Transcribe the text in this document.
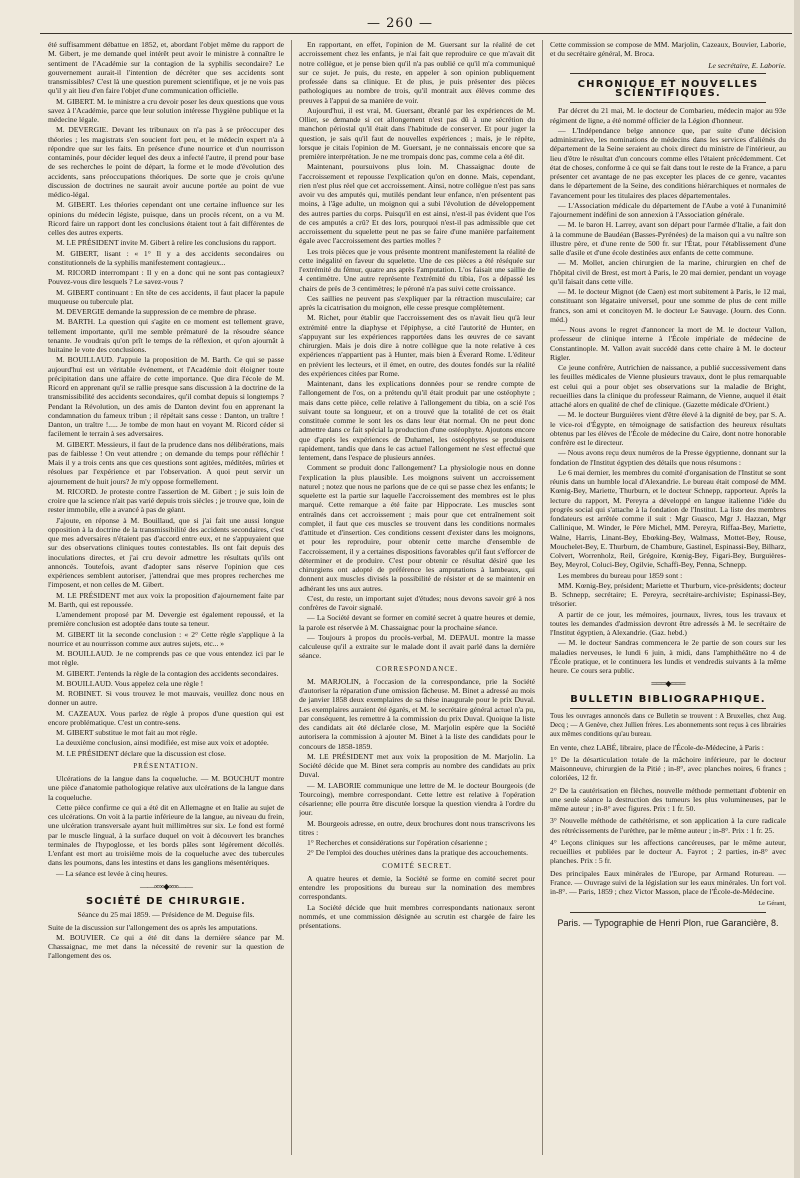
— 260 —

été suffisamment débattue en 1852, et, abordant l'objet même du rapport de M. Gibert, je me demande quel intérêt peut avoir le ministre à connaître le sentiment de l'Académie sur la contagion de la syphilis secondaire? Le gouvernement aurait-il l'intention de décréter que ses accidents sont transmissibles? C'est là une question purement scientifique, et je ne vois pas qu'il y ait lieu d'en faire l'objet d'une communication officielle.

M. GIBERT. M. le ministre a cru devoir poser les deux questions que vous savez à l'Académie, parce que leur solution intéresse l'hygiène publique et la médecine légale.

M. DEVERGIE. Devant les tribunaux on n'a pas à se préoccuper des théories ; les magistrats s'en soucient fort peu, et le médecin expert n'a à répondre que sur les faits. En présence d'une nourrice et d'un nourrisson contaminés, pour décider lequel des deux a infecté l'autre, il prend pour base de ses recherches le point de départ, la forme et le mode d'évolution des accidents, sans préoccupations théoriques. De sorte que je crois qu'une discussion de doctrines ne saurait avoir aucune portée au point de vue médico-légal.

M. GIBERT. Les théories cependant ont une certaine influence sur les opinions du médecin légiste, puisque, dans un procès récent, on a vu M. Ricord faire un rapport dont les conclusions étaient tout à fait différentes de celles des autres experts.

M. LE PRÉSIDENT invite M. Gibert à relire les conclusions du rapport.

M. GIBERT, lisant : « 1° Il y a des accidents secondaires ou constitutionnels de la syphilis manifestement contagieux...

M. RICORD interrompant : Il y en a donc qui ne sont pas contagieux? Pouvez-vous dire lesquels ? Le savez-vous ?

M. GIBERT continuant : En tête de ces accidents, il faut placer la papule muqueuse ou tubercule plat.

M. DEVERGIE demande la suppression de ce membre de phrase.

M. BARTH. La question qui s'agite en ce moment est tellement grave, tellement importante, qu'il me semble prématuré de la résoudre séance tenante. Je voudrais qu'on prît le temps de la réflexion, et qu'on ajournât à huitaine le vote des conclusions.

M. BOUILLAUD. J'appuie la proposition de M. Barth. Ce qui se passe aujourd'hui est un véritable événement, et l'Académie doit éloigner toute précipitation dans une affaire de cette importance. Que dira l'école de M. Ricord en apprenant qu'il se rallie presque sans discussion à la doctrine de la transmissibilité des accidents secondaires, qu'il combat depuis si longtemps ? Pendant la Révolution, un des amis de Danton devint fou en apprenant la condamnation du fameux tribun ; il répétait sans cesse : Danton, un traître ! Danton, un traître !..... Je tombe de mon haut en voyant M. Ricord céder si facilement le terrain à ses adversaires.

M. GIBERT. Messieurs, il faut de la prudence dans nos délibérations, mais pas de faiblesse ! On veut attendre ; on demande du temps pour réfléchir ! Mais il y a trois cents ans que ces questions sont agitées, méditées, mûries et résolues par l'expérience et par l'observation. A quoi peut servir un ajournement de huit jours? Je m'y oppose formellement.

M. RICORD. Je proteste contre l'assertion de M. Gibert ; je suis loin de croire que la science n'ait pas varié depuis trois siècles ; je trouve que, loin de rester immobile, elle a avancé à pas de géant.

J'ajoute, en réponse à M. Bouillaud, que si j'ai fait une aussi longue opposition à la doctrine de la transmissibilité des accidents secondaires, c'est que mes adversaires n'étaient pas d'accord entre eux, et ne s'appuyaient que sur des observations cliniques toutes contestables. Ils ont fait depuis des inoculations directes, et j'ai cru devoir admettre les résultats qu'ils ont annoncés. Toutefois, avant d'adopter sans réserve l'opinion que ces expériences semblent autoriser, j'attendrai que mes propres recherches me l'imposent, et non celles de M. Gibert.

M. LE PRÉSIDENT met aux voix la proposition d'ajournement faite par M. Barth, qui est repoussée.

L'amendement proposé par M. Devergie est également repoussé, et la première conclusion est adoptée dans toute sa teneur.

M. GIBERT lit la seconde conclusion : « 2° Cette règle s'applique à la nourrice et au nourrisson comme aux autres sujets, etc... »

M. BOUILLAUD. Je ne comprends pas ce que vous entendez ici par le mot règle.

M. GIBERT. J'entends la règle de la contagion des accidents secondaires.

M. BOUILLAUD. Vous appelez cela une règle !

M. ROBINET. Si vous trouvez le mot mauvais, veuillez donc nous en donner un autre.

M. CAZEAUX. Vous parlez de règle à propos d'une question qui est encore problématique. C'est un contre-sens.

M. GIBERT substitue le mot fait au mot règle.

La deuxième conclusion, ainsi modifiée, est mise aux voix et adoptée.

M. LE PRÉSIDENT déclare que la discussion est close.

PRÉSENTATION.

Ulcérations de la langue dans la coqueluche. — M. BOUCHUT montre une pièce d'anatomie pathologique relative aux ulcérations de la langue dans la coqueluche.

Cette pièce confirme ce qui a été dit en Allemagne et en Italie au sujet de ces ulcérations. On voit à la partie inférieure de la langue, au niveau du frein, une ulcération transversale ayant huit millimètres sur six. Le fond est formé par le muscle lingual, à la surface duquel on voit à découvert les branches terminales de l'hypoglosse, et les bords pâles sont légèrement décollés. L'enfant est mort au troisième mois de la coqueluche avec des tubercules dans les poumons, dans les intestins et dans les ganglions mésentériques.

— La séance est levée à cinq heures.

——∞∞◆∞∞——
SOCIÉTÉ DE CHIRURGIE.
Séance du 25 mai 1859. — Présidence de M. Deguise fils.

Suite de la discussion sur l'allongement des os après les amputations.

M. BOUVIER. Ce qui a été dit dans la dernière séance par M. Chassaignac, me met dans la nécessité de revenir sur la question de l'allongement des os.

En rapportant, en effet, l'opinion de M. Guersant sur la réalité de cet accroissement chez les enfants, je n'ai fait que reproduire ce que m'avait dit notre collègue, et je pense bien qu'il n'a pas oublié ce qu'il m'a communiqué sur ce sujet. Je puis, du reste, en appeler à son opinion publiquement professée dans sa clinique. Et de plus, je puis présenter des pièces pathologiques au nombre de trois, qu'il montrait aux élèves comme des preuves à l'appui de sa manière de voir.

Aujourd'hui, il est vrai, M. Guersant, ébranlé par les expériences de M. Ollier, se demande si cet allongement n'est pas dû à une sécrétion du manchon périostal qu'il était dans l'habitude de conserver. Et pour juger la question, je sais qu'il faut de nouvelles expériences ; mais, je le répète, lorsque je citais l'opinion de M. Guersant, je ne connaissais encore que sa première interprétation. Je ne me trompais donc pas, comme cela a été dit.

Maintenant, poursuivons plus loin. M. Chassaignac doute de l'accroissement et repousse l'explication qu'on en donne. Mais, cependant, rien n'est plus réel que cet accroissement. Ainsi, notre collègue n'est pas sans avoir vu des amputés qui, mutilés pendant leur enfance, n'en présentent pas moins, à l'âge adulte, un moignon qui a subi l'évolution de développement des autres parties du corps. Puisqu'il en est ainsi, n'est-il pas évident que l'os de ces amputés a crû? Et des lors, pourquoi n'est-il pas admissible que cet accroissement du squelette peut ne pas se faire d'une manière parfaitement égale avec l'accroissement des parties molles ?

Les trois pièces que je vous présente montrent manifestement la réalité de cette inégalité en faveur du squelette. Une de ces pièces a été réséquée sur l'extrémité du fémur, quatre ans après l'amputation. L'os faisait une saillie de 4 centimètre. Une autre représente l'extrémité du tibia, l'os a dépassé les chairs de près de 3 centimètres; le péroné n'a pas suivi cette croissance.

Ces saillies ne peuvent pas s'expliquer par la rétraction musculaire; car après la cicatrisation du moignon, elle cesse presque complètement.

M. Richet, pour établir que l'accroissement des os n'avait lieu qu'à leur extrémité entre la diaphyse et l'épiphyse, a cité l'autorité de Hunter, en s'appuyant sur les expériences rapportées dans les œuvres de ce savant chirurgien. Mais je dois dire à notre collègue que la note relative à ces expériences n'appartient pas à Hunter, mais bien à Éverard Rome. L'éditeur en prévient les lecteurs, et il émet, en outre, des doutes fondés sur la réalité des expériences citées par Rome.

Maintenant, dans les explications données pour se rendre compte de l'allongement de l'os, on a prétendu qu'il était produit par une ostéophyte ; mais dans cette pièce, celle relative à l'allongement du tibia, on a scié l'os suivant toute sa longueur, et on a trouvé que la totalité de cet os était constituée comme le sont les os dans leur état normal. On ne peut donc admettre dans ce fait spécial la production d'une ostéophyte. Ajoutons encore que d'après les expériences de Duhamel, les ostéophytes se produisent rapidement, tandis que dans le cas actuel l'allongement ne s'est effectué que lentement, dans l'espace de plusieurs années.

Comment se produit donc l'allongement? La physiologie nous en donne l'explication la plus plausible. Les moignons suivent un accroissement naturel ; notez que nous ne parlons que de ce qui se passe chez les enfants; le squelette est la partie sur laquelle l'accroissement des membres est le plus marqué. Cette remarque a été faite par Hippocrate. Les muscles sont entraînés dans cet accroissement ; mais pour que cet entraînement soit complet, il faut que ces muscles se trouvent dans les conditions normales d'attitude et d'insertion. Ces conditions cessent d'exister dans les moignons, et pour les reproduire, pour obtenir cette marche d'ensemble de l'accroissement, il y a certaines dispositions favorables qu'il faut s'efforcer de déterminer et de produire. C'est pour obtenir ce résultat désiré que les chirurgiens ont adopté de préférence les amputations à lambeaux, qui donnent aux muscles divisés la possibilité de résister et de se maintenir en adhérant les uns aux autres.

C'est, du reste, un important sujet d'études; nous devons savoir gré à nos confrères de l'avoir signalé.

— La Société devant se former en comité secret à quatre heures et demie, la parole est réservée à M. Chassaignac pour la prochaine séance.

— Toujours à propos du procès-verbal, M. DEPAUL montre la masse calculeuse qu'il a extraite sur le malade dont il avait parlé dans la dernière séance.

CORRESPONDANCE.

M. MARJOLIN, à l'occasion de la correspondance, prie la Société d'autoriser la réparation d'une omission fâcheuse. M. Binet a adressé au mois de janvier 1858 deux exemplaires de sa thèse inaugurale pour le prix Duval. Les exemplaires auraient été égarés, et M. le secrétaire général actuel n'a pu, par conséquent, les remettre à la commission du prix Duval. Quoique la liste des candidats ait été déclarée close, M. Marjolin espère que la Société autorisera la commission à ajouter M. Binet à la liste des candidats pour le concours de 1858-1859.

M. LE PRÉSIDENT met aux voix la proposition de M. Marjolin. La Société décide que M. Binet sera compris au nombre des candidats au prix Duval.

— M. LABORIE communique une lettre de M. le docteur Bourgeois (de Tourcoing), membre correspondant. Cette lettre est relative à l'opération césarienne; elle pourra être discutée lorsque la question viendra à l'ordre du jour.

M. Bourgeois adresse, en outre, deux brochures dont nous transcrivons les titres :

1° Recherches et considérations sur l'opération césarienne ;

2° De l'emploi des douches utérines dans la pratique des accouchements.

COMITÉ SECRET.

A quatre heures et demie, la Société se forme en comité secret pour entendre les propositions du bureau sur la nomination des membres correspondants.

La Société décide que huit membres correspondants nationaux seront nommés, et une commission désignée au scrutin est chargée de faire les présentations.

Cette commission se compose de MM. Marjolin, Cazeaux, Bouvier, Laborie, et du secrétaire général, M. Broca.

Le secrétaire, E. Laborie.
CHRONIQUE ET NOUVELLES SCIENTIFIQUES.

Par décret du 21 mai, M. le docteur de Combarieu, médecin major au 93e régiment de ligne, a été nommé officier de la Légion d'honneur.

— L'Indépendance belge annonce que, par suite d'une décision administrative, les nominations de médecins dans les services d'aliénés du département de la Seine seraient au choix direct du ministre de l'intérieur, au lieu d'être le résultat d'un concours comme elles l'étaient précédemment. Cet état de choses, conforme à ce qui se fait dans tout le reste de la France, a paru présenter cet avantage de ne pas excepter les places de ce genre, vacantes dans le département de la Seine, des conditions hiérarchiques et normales de l'avancement pour les titulaires des places départementales.

— L'Association médicale du département de l'Aube a voté à l'unanimité l'ajournement indéfini de son annexion à l'Association générale.

— M. le baron H. Larrey, avant son départ pour l'armée d'Italie, a fait don à la commune de Baudéan (Basses-Pyrénées) de la maison qui a vu naître son illustre père, et d'une rente de 500 fr. sur l'État, pour l'établissement d'une salle d'asile et d'une école destinées aux enfants de cette commune.

— M. Mollet, ancien chirurgien de la marine, chirurgien en chef de l'hôpital civil de Brest, est mort à Paris, le 20 mai dernier, pendant un voyage qu'il faisait dans cette ville.

— M. le docteur Mignot (de Caen) est mort subitement à Paris, le 12 mai, constituant son légataire universel, pour une somme de plus de cent mille francs, son ami et concitoyen M. le docteur Le Sauvage. (Journ. des Conn. méd.)

— Nous avons le regret d'annoncer la mort de M. le docteur Vallon, professeur de clinique interne à l'École impériale de médecine de Constantinople. M. Vallon avait succédé dans cette chaire à M. le docteur Rigler.

Ce jeune confrère, Autrichien de naissance, a publié successivement dans les feuilles médicales de Vienne plusieurs travaux, dont le plus remarquable est celui qui a pour objet ses observations sur la maladie de Bright, recueillies dans la clinique du professeur Raimann, de Vienne, auquel il était attaché alors en qualité de chef de clinique. (Gazette médicale d'Orient.)

— M. le docteur Burguières vient d'être élevé à la dignité de bey, par S. A. le vice-roi d'Égypte, en témoignage de satisfaction des heureux résultats obtenus par les élèves de l'École de médecine du Caire, dont notre honorable confrère est le directeur.

— Nous avons reçu deux numéros de la Presse égyptienne, donnant sur la fondation de l'Institut égyptien des détails que nous résumons :

Le 6 mai dernier, les membres du comité d'organisation de l'Institut se sont réunis dans un humble local d'Alexandrie. Le bureau était composé de MM. Kœnig-Bey, Mariette, Thurburn, et le docteur Schnepp, rapporteur. Après la lecture du rapport, M. Pereyra a développé en langue italienne l'idée du progrès social qui s'attache à la fondation de l'Institut. La liste des membres fondateurs est arrêtée comme il suit : Mgr Guasco, Mgr J. Hazzan, Mgr Callinique, M. Winder, le Père Michel, MM. Pereyra, Riffaa-Bey, Mariette, Walne, Harris, Linant-Bey, Ebœking-Bey, Walmass, Mottet-Bey, Rouse, Mouchelet-Bey, E. Thurburn, de Chambure, Gastinel, Espinassi-Bey, Bilharz, Colvert, Worrenholz, Reil, Grégoire, Kœnig-Bey, Figari-Bey, Burguières-Bey, Meyrol, Coluci-Bey, Ogilvie, Schaffi-Bey, Penna, Schnepp.

Les membres du bureau pour 1859 sont :

MM. Kœnig-Bey, président; Mariette et Thurburn, vice-présidents; docteur B. Schnepp, secrétaire; E. Pereyra, secrétaire-archiviste; Espinassi-Bey, trésorier.

A partir de ce jour, les mémoires, journaux, livres, tous les travaux et toutes les demandes d'admission devront être adressés à M. le secrétaire de l'Institut égyptien, à Alexandrie. (Gaz. hebd.)

— M. le docteur Sandras commencera le 2e partie de son cours sur les maladies nerveuses, le lundi 6 juin, à midi, dans l'amphithéâtre no 4 de l'École pratique, et le continuera les lundis et vendredis suivants à la même heure. Ce cours sera public.

═══◆═══
BULLETIN BIBLIOGRAPHIQUE.

Tous les ouvrages annoncés dans ce Bulletin se trouvent : A Bruxelles, chez Aug. Decq ; — A Genève, chez Jullien frères. Les abonnements sont reçus à ces librairies aux mêmes conditions qu'au bureau.

En vente, chez LABÉ, libraire, place de l'École-de-Médecine, à Paris :

1° De la désarticulation totale de la mâchoire inférieure, par le docteur Maisonneuve, chirurgien de la Pitié ; in-8°, avec planches noires, 6 francs ; coloriées, 12 fr.

2° De la cautérisation en flèches, nouvelle méthode permettant d'obtenir en une seule séance la destruction des tumeurs les plus volumineuses, par le même auteur ; in-8° avec figures. Prix : 1 fr. 50.

3° Nouvelle méthode de cathétérisme, et son application à la cure radicale des rétrécissements de l'urèthre, par le même auteur ; in-8°. Prix : 1 fr. 25.

4° Leçons cliniques sur les affections cancéreuses, par le même auteur, recueillies et publiées par le docteur A. Fayrot ; 2 parties, in-8° avec planches. Prix : 5 fr.

Des principales Eaux minérales de l'Europe, par Armand Rotureau. — France. — Ouvrage suivi de la législation sur les eaux minérales. Un fort vol. in-8°. — Paris, 1859 ; chez Victor Masson, place de l'École-de-Médecine.

Le Gérant,
Paris. — Typographie de Henri Plon, rue Garancière, 8.
